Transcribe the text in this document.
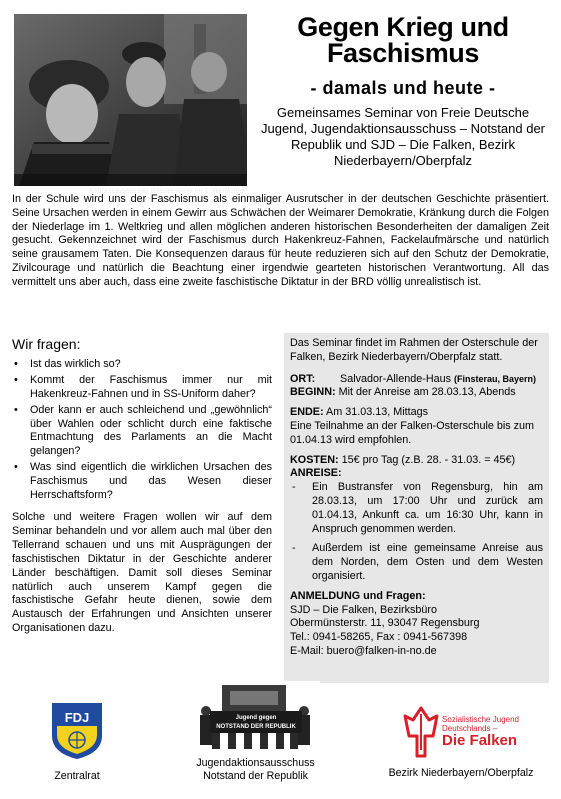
Antifaschistischer Wiederstand im 2. Weltkrieg
Gegen Krieg und
Faschismus
- damals und heute -
Gemeinsames Seminar von Freie Deutsche
Jugend, Jugendaktionsausschuss – Notstand der
Republik und SJD – Die Falken, Bezirk
Niederbayern/Oberpfalz
In der Schule wird uns der Faschismus als einmaliger Ausrutscher in der deutschen Geschichte präsentiert. Seine Ursachen werden in einem Gewirr aus Schwächen der Weimarer Demokratie, Kränkung durch die Folgen der Niederlage im 1. Weltkrieg und allen möglichen anderen historischen Besonderheiten der damaligen Zeit gesucht. Gekennzeichnet wird der Faschismus durch Hakenkreuz-Fahnen, Fackelaufmärsche und natürlich seine grausamem Taten. Die Konsequenzen daraus für heute reduzieren sich auf den Schutz der Demokratie, Zivilcourage und natürlich die Beachtung einer irgendwie gearteten historischen Verantwortung. All das vermittelt uns aber auch, dass eine zweite faschistische Diktatur in der BRD völlig unrealistisch ist.
Wir fragen:
• Ist das wirklich so?
• Kommt der Faschismus immer nur mit Hakenkreuz-Fahnen und in SS-Uniform daher?
• Oder kann er auch schleichend und „gewöhnlich“ über Wahlen oder schlicht durch eine faktische Entmachtung des Parlaments an die Macht gelangen?
• Was sind eigentlich die wirklichen Ursachen des Faschismus und das Wesen dieser Herrschaftsform?
Solche und weitere Fragen wollen wir auf dem Seminar behandeln und vor allem auch mal über den Tellerrand schauen und uns mit Ausprägungen der faschistischen Diktatur in der Geschichte anderer Länder beschäftigen. Damit soll dieses Seminar natürlich auch unserem Kampf gegen die faschistische Gefahr heute dienen, sowie dem Austausch der Erfahrungen und Ansichten unserer Organisationen dazu.

Das Seminar findet im Rahmen der Osterschule der Falken, Bezirk Niederbayern/Oberpfalz statt.

ORT: Salvador-Allende-Haus (Finsterau, Bayern)

BEGINN: Mit der Anreise am 28.03.13, Abends

ENDE: Am 31.03.13, Mittags

Eine Teilnahme an der Falken-Osterschule bis zum 01.04.13 wird empfohlen.

KOSTEN: 15€ pro Tag (z.B. 28. - 31.03. = 45€)

ANREISE:

- Ein Bustransfer von Regensburg, hin am 28.03.13, um 17:00 Uhr und zurück am 01.04.13, Ankunft ca. um 16:30 Uhr, kann in Anspruch genommen werden.
- Außerdem ist eine gemeinsame Anreise aus dem Norden, dem Osten und dem Westen organisiert.

ANMELDUNG und Fragen:

SJD – Die Falken, Bezirksbüro

Obermünsterstr. 11, 93047 Regensburg

Tel.: 0941-58265, Fax : 0941-567398

E-Mail: buero@falken-in-no.de

FDJ
Zentralrat
Jugend gegen
NOTSTAND DER REPUBLIK
Jugendaktionsausschuss
Notstand der Republik
Sozialistische Jugend
Deutschlands –
Die Falken
Bezirk Niederbayern/Oberpfalz
